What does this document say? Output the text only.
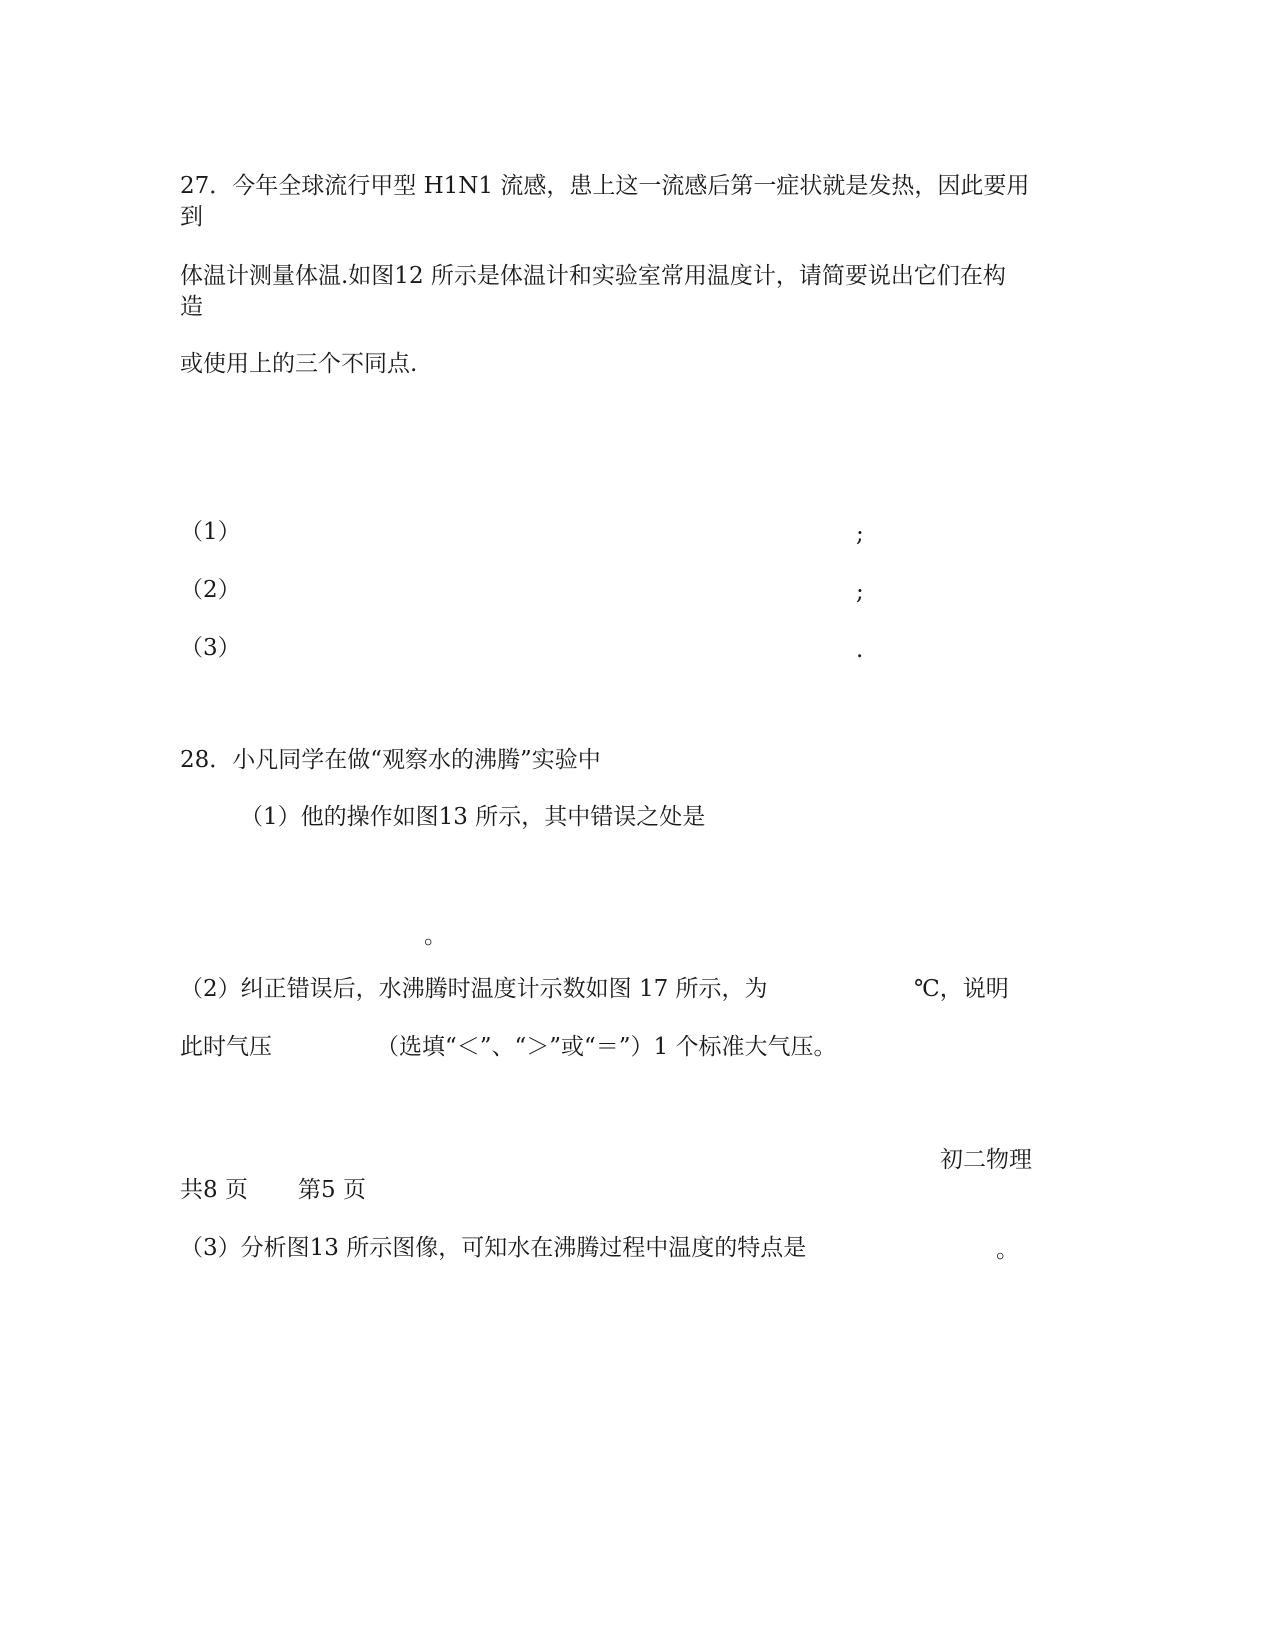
27．今年全球流行甲型 H1N1 流感，患上这一流感后第一症状就是发热，因此要用
到
体温计测量体温.如图12 所示是体温计和实验室常用温度计，请简要说出它们在构
造
或使用上的三个不同点.
（1）	;
（2）	;
（3）	.
28．小凡同学在做“观察水的沸腾”实验中
（1）他的操作如图13 所示，其中错误之处是
。
（2）纠正错误后，水沸腾时温度计示数如图 17 所示，为	℃，说明
此时气压	（选填“＜”、“＞”或“＝”）1 个标准大气压。
初二物理
共8 页 第5 页
（3）分析图13 所示图像，可知水在沸腾过程中温度的特点是	。
